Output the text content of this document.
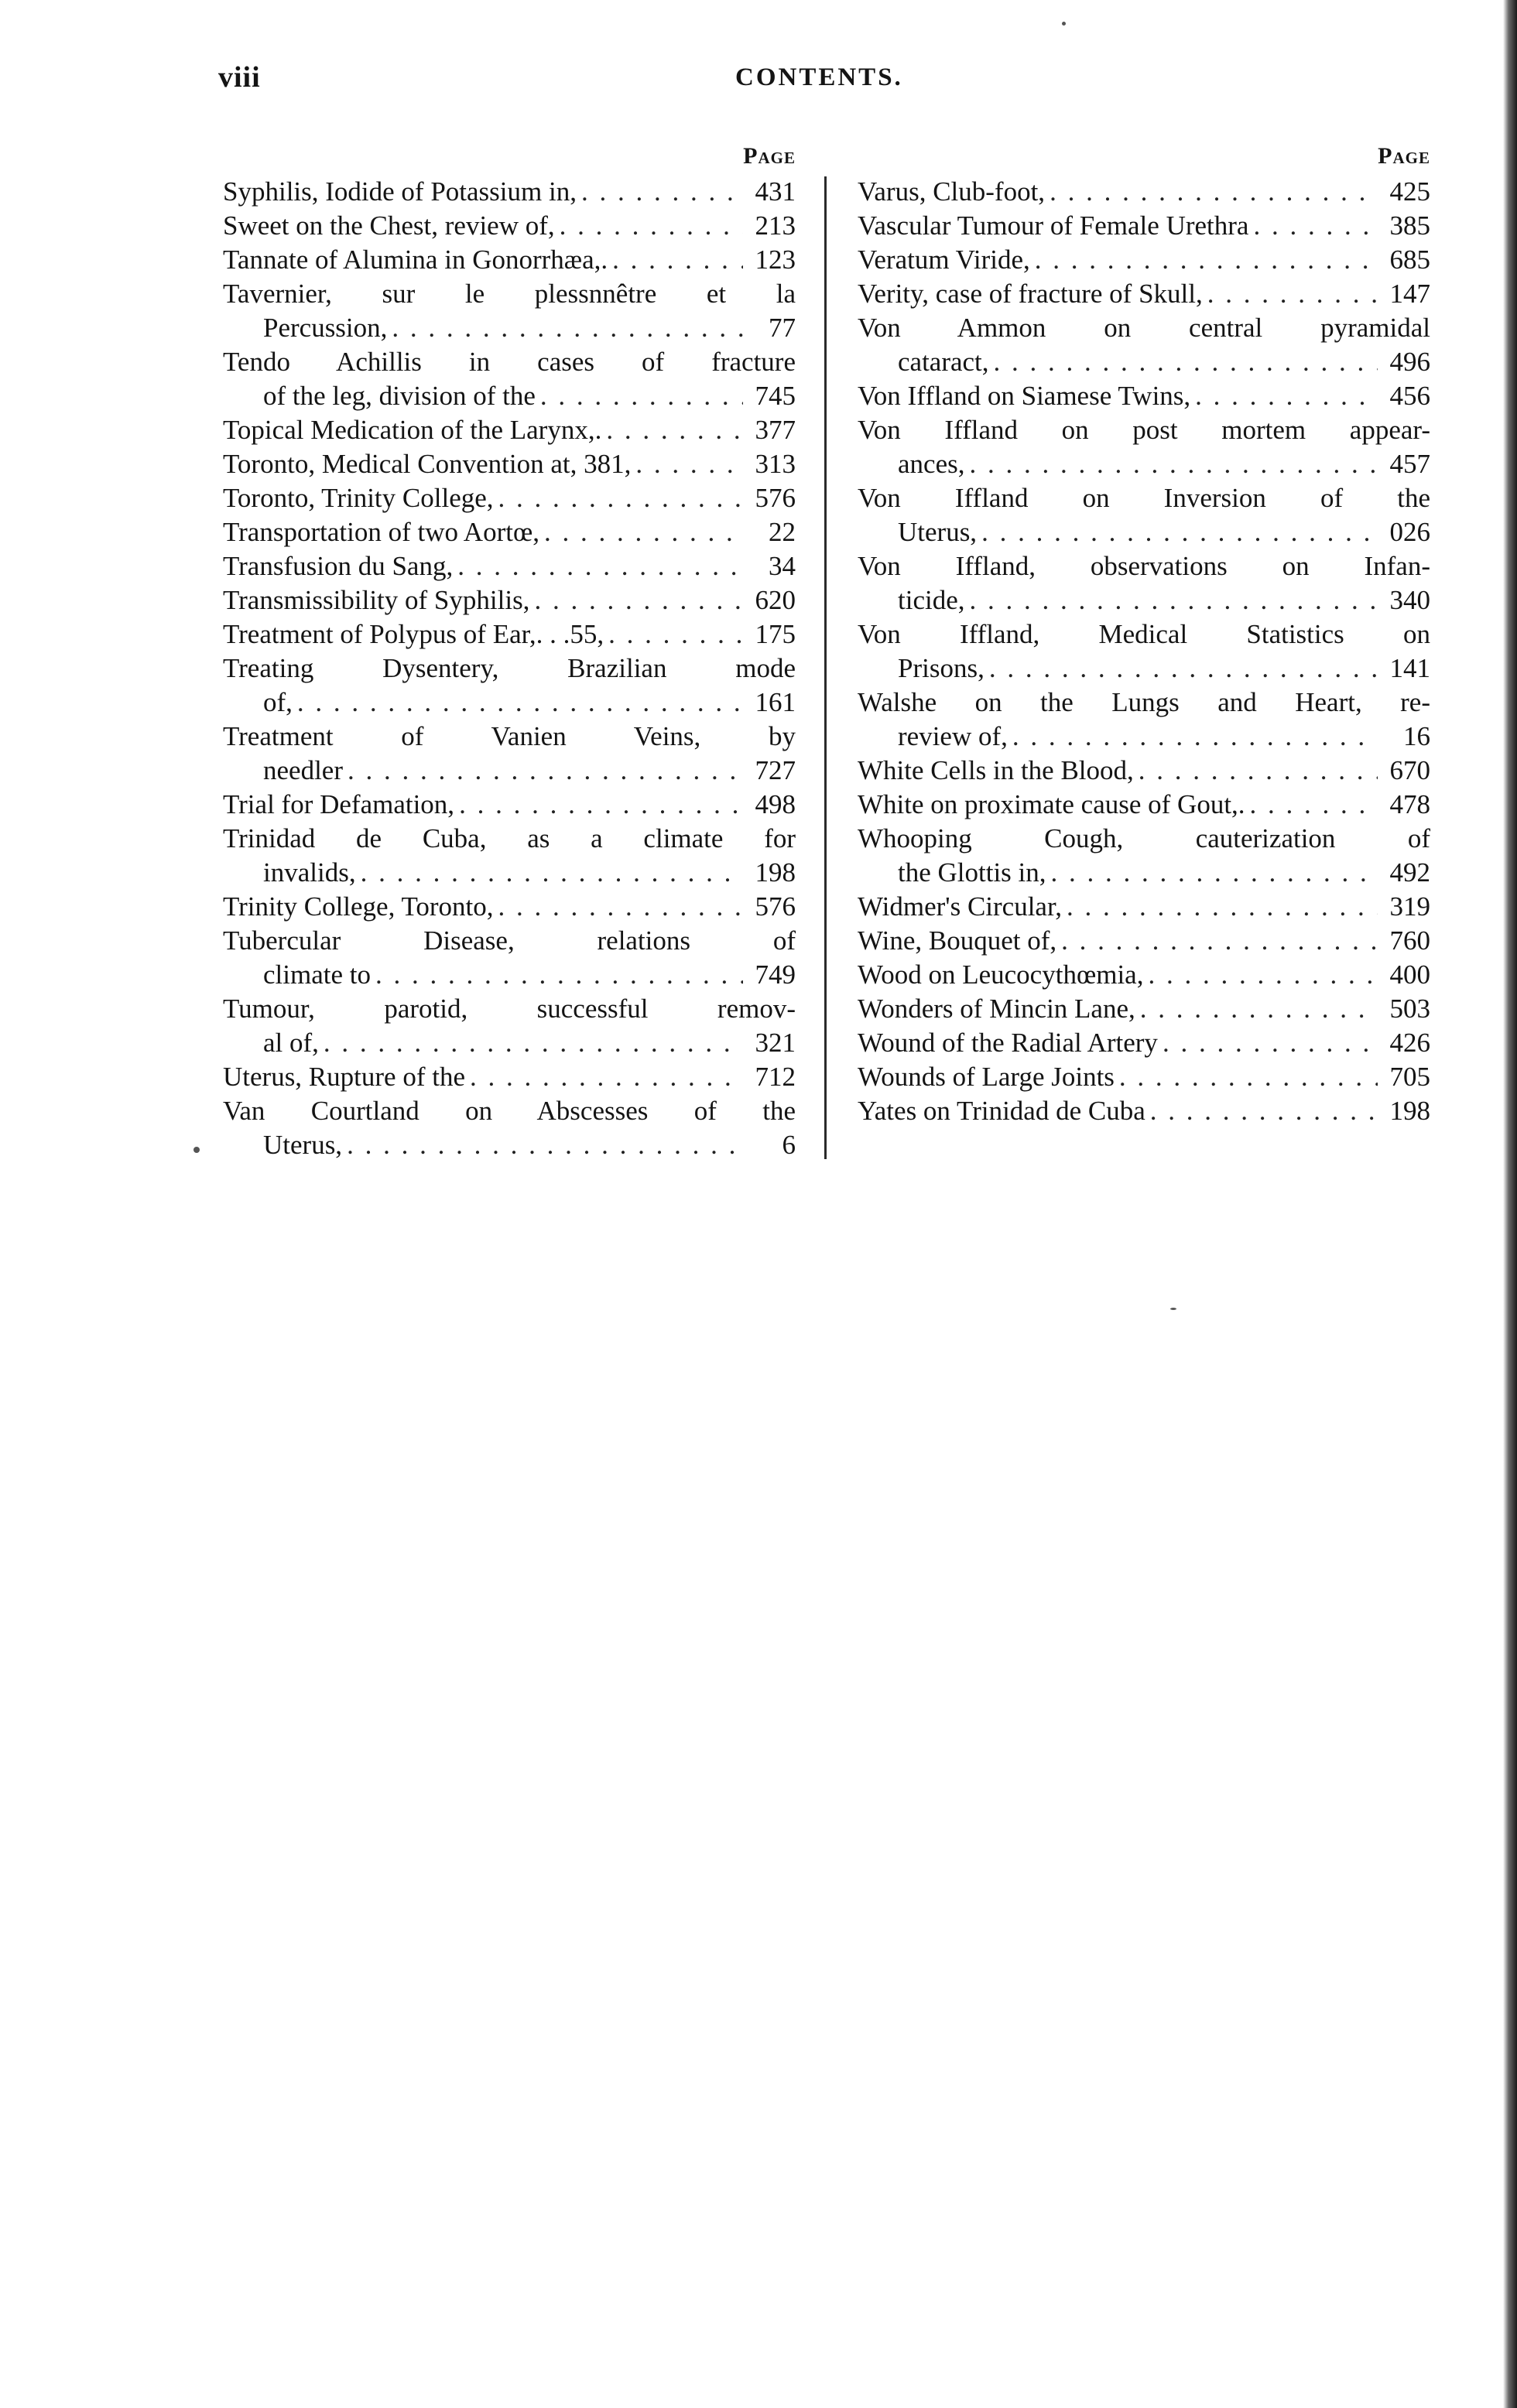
viii	CONTENTS.
Page
Syphilis, Iodide of Potassium in, . . .	431
Sweet on the Chest, review of, . . .	213
Tannate of Alumina in Gonorrhæa,. . . .	123
Tavernier, sur le plessnnêtre et la
Percussion, . . .	77
Tendo Achillis in cases of fracture
of the leg, division of the . . .	745
Topical Medication of the Larynx,. . . .	377
Toronto, Medical Convention at, 381, . . .	313
Toronto, Trinity College, . . .	576
Transportation of two Aortœ, . . .	22
Transfusion du Sang, . . .	34
Transmissibility of Syphilis, . . .	620
Treatment of Polypus of Ear,. . .55, . . .	175
Treating Dysentery, Brazilian mode
of, . . .	161
Treatment of Vanien Veins, by
needler . . .	727
Trial for Defamation, . . .	498
Trinidad de Cuba, as a climate for
invalids, . . .	198
Trinity College, Toronto, . . .	576
Tubercular Disease, relations of
climate to . . .	749
Tumour, parotid, successful remov-
al of, . . .	321
Uterus, Rupture of the . . .	712
Van Courtland on Abscesses of the
Uterus, . . .	6
Page
Varus, Club-foot, . . .	425
Vascular Tumour of Female Urethra . . .	385
Veratum Viride, . . .	685
Verity, case of fracture of Skull, . . .	147
Von Ammon on central pyramidal
cataract, . . .	496
Von Iffland on Siamese Twins, . . .	456
Von Iffland on post mortem appear-
ances, . . .	457
Von Iffland on Inversion of the
Uterus, . . .	026
Von Iffland, observations on Infan-
ticide, . . .	340
Von Iffland, Medical Statistics on
Prisons, . . .	141
Walshe on the Lungs and Heart, re-
review of, . . .	16
White Cells in the Blood, . . .	670
White on proximate cause of Gout,. . . .	478
Whooping Cough, cauterization of
the Glottis in, . . .	492
Widmer's Circular, . . .	319
Wine, Bouquet of, . . .	760
Wood on Leucocythœmia, . . .	400
Wonders of Mincin Lane, . . .	503
Wound of the Radial Artery . . .	426
Wounds of Large Joints . . .	705
Yates on Trinidad de Cuba . . .	198
